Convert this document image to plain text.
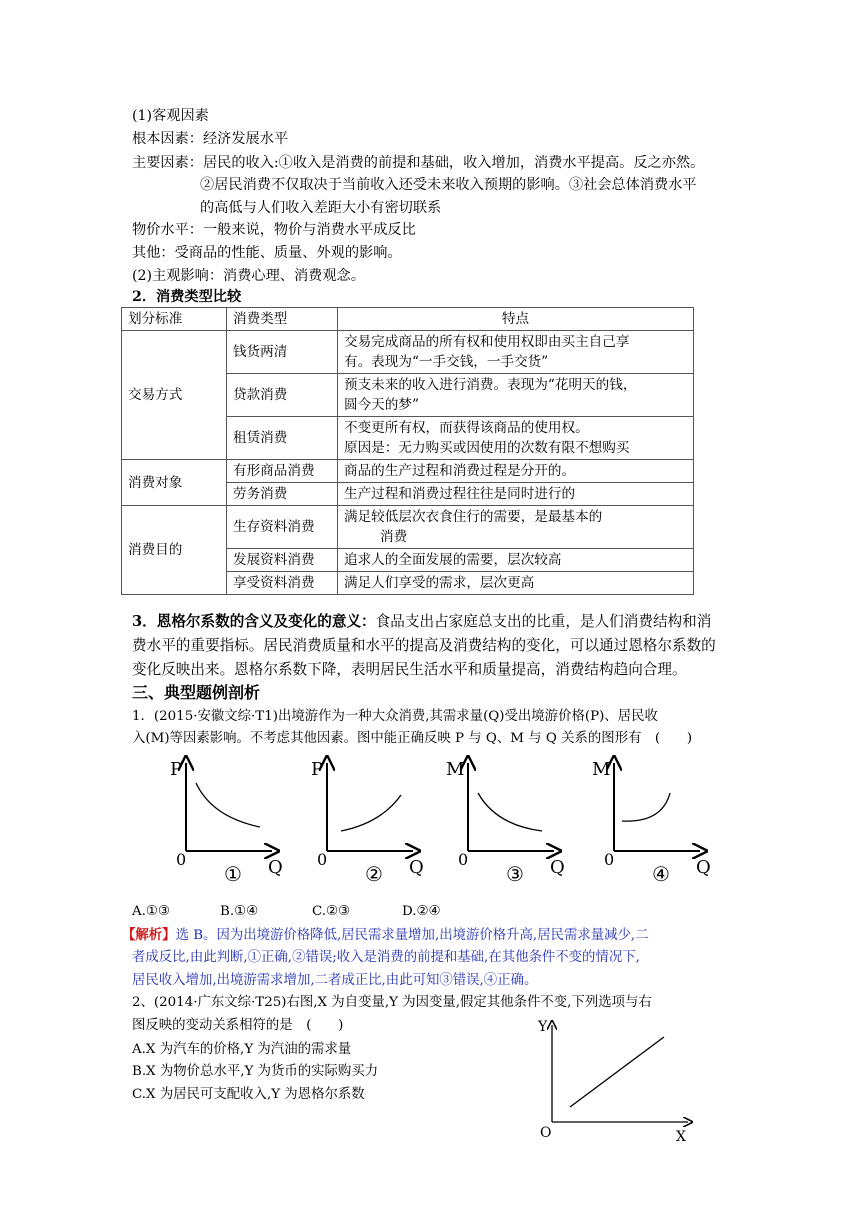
(1)客观因素
根本因素：经济发展水平
主要因素：居民的收入:①收入是消费的前提和基础，收入增加，消费水平提高。反之亦然。
②居民消费不仅取决于当前收入还受未来收入预期的影响。③社会总体消费水平
的高低与人们收入差距大小有密切联系
物价水平：一般来说，物价与消费水平成反比
其他：受商品的性能、质量、外观的影响。
(2)主观影响：消费心理、消费观念。
2．消费类型比较
划分标准	消费类型	特点
交易方式	钱货两清	交易完成商品的所有权和使用权即由买主自己享
有。表现为“一手交钱，一手交货”

	贷款消费	预支未来的收入进行消费。表现为“花明天的钱，
圆今天的梦”

	租赁消费	不变更所有权，而获得该商品的使用权。
原因是：无力购买或因使用的次数有限不想购买

消费对象	有形商品消费	商品的生产过程和消费过程是分开的。

	劳务消费	生产过程和消费过程往往是同时进行的

消费目的	生存资料消费	满足较低层次衣食住行的需要，是最基本的
消费

	发展资料消费	追求人的全面发展的需要，层次较高

	享受资料消费	满足人们享受的需求，层次更高
3．恩格尔系数的含义及变化的意义：食品支出占家庭总支出的比重，是人们消费结构和消
费水平的重要指标。居民消费质量和水平的提高及消费结构的变化，可以通过恩格尔系数的
变化反映出来。恩格尔系数下降，表明居民生活水平和质量提高，消费结构趋向合理。
三、典型题例剖析
1．(2015·安徽文综·T1)出境游作为一种大众消费,其需求量(Q)受出境游价格(P)、居民收
入(M)等因素影响。不考虑其他因素。图中能正确反映 P 与 Q、M 与 Q 关系的图形有　(　　)
P
0	Q
①
P
0	Q
②
M
0	Q
③
M
0	Q
④
A.①③	B.①④	C.②③	D.②④
【解析】选 B。因为出境游价格降低,居民需求量增加,出境游价格升高,居民需求量减少,二
者成反比,由此判断,①正确,②错误;收入是消费的前提和基础,在其他条件不变的情况下,
居民收入增加,出境游需求增加,二者成正比,由此可知③错误,④正确。
2、(2014·广东文综·T25)右图,X 为自变量,Y 为因变量,假定其他条件不变,下列选项与右
图反映的变动关系相符的是　(　　)
A.X 为汽车的价格,Y 为汽油的需求量
B.X 为物价总水平,Y 为货币的实际购买力
C.X 为居民可支配收入,Y 为恩格尔系数
Y
O	X
